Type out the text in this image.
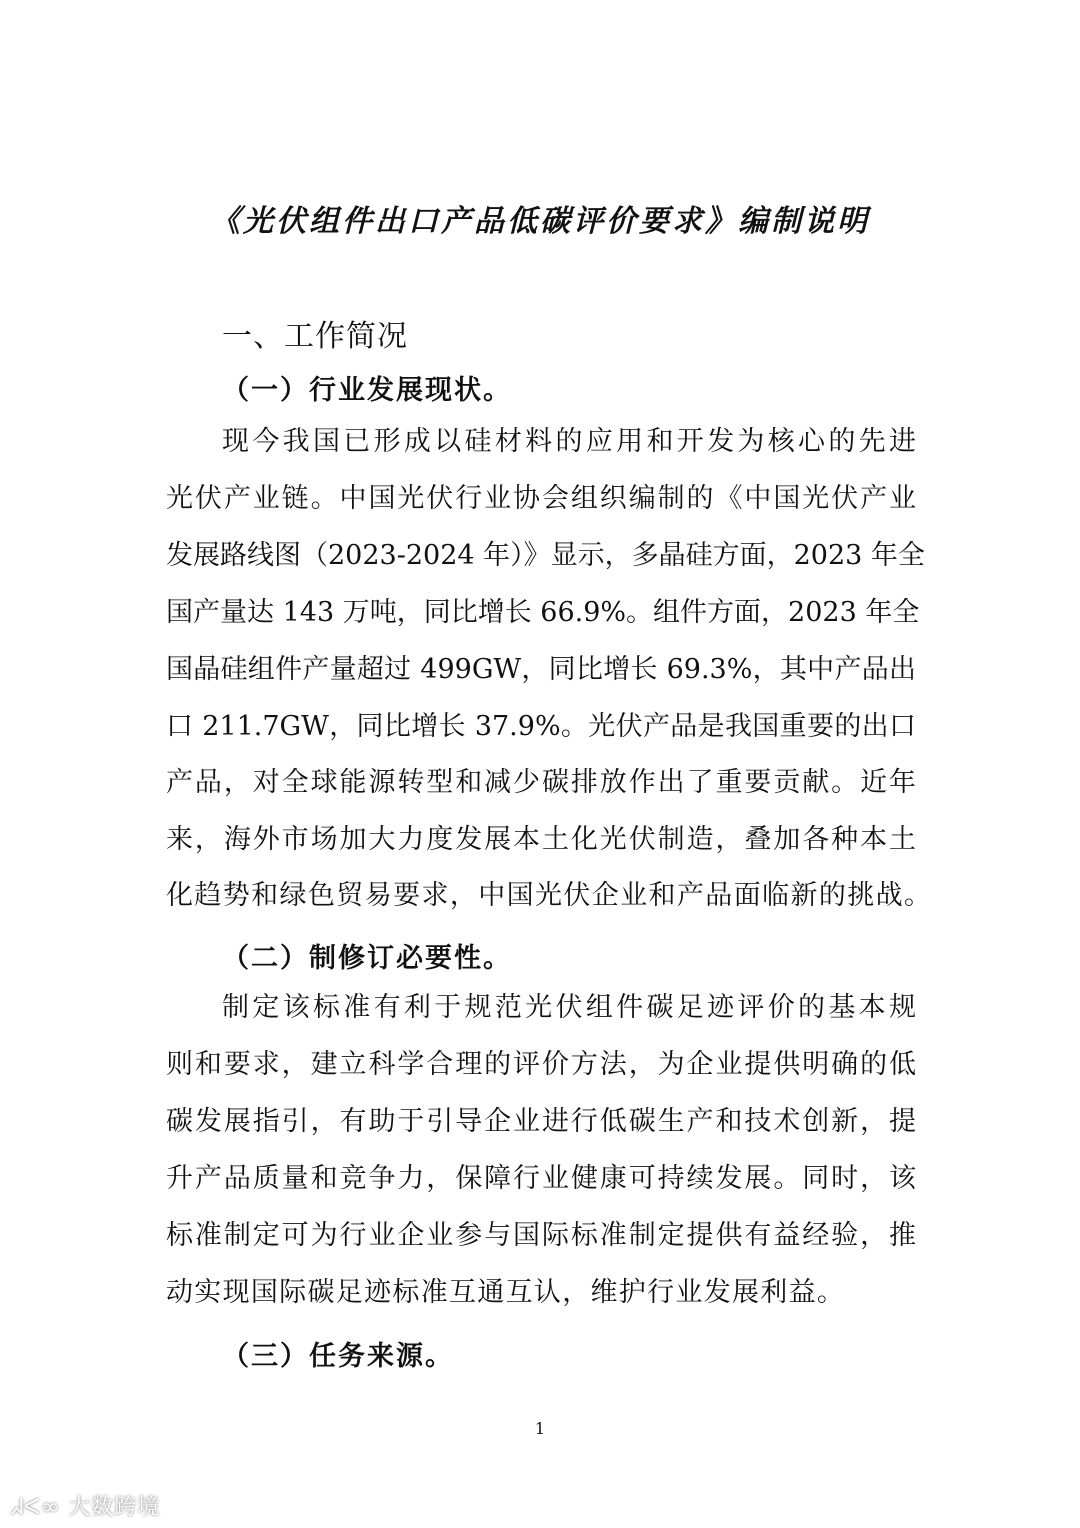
《光伏组件出口产品低碳评价要求》编制说明
一、工作简况
（一）行业发展现状。
现今我国已形成以硅材料的应用和开发为核心的先进
光伏产业链。中国光伏行业协会组织编制的《中国光伏产业
发展路线图（2023-2024 年）》显示，多晶硅方面，2023 年全
国产量达 143 万吨，同比增长 66.9%。组件方面，2023 年全
国晶硅组件产量超过 499GW，同比增长 69.3%，其中产品出
口 211.7GW，同比增长 37.9%。光伏产品是我国重要的出口
产品，对全球能源转型和减少碳排放作出了重要贡献。近年
来，海外市场加大力度发展本土化光伏制造，叠加各种本土
化趋势和绿色贸易要求，中国光伏企业和产品面临新的挑战。
（二）制修订必要性。
制定该标准有利于规范光伏组件碳足迹评价的基本规
则和要求，建立科学合理的评价方法，为企业提供明确的低
碳发展指引，有助于引导企业进行低碳生产和技术创新，提
升产品质量和竞争力，保障行业健康可持续发展。同时，该
标准制定可为行业企业参与国际标准制定提供有益经验，推
动实现国际碳足迹标准互通互认，维护行业发展利益。
（三）任务来源。
1
ᖽᐸ∞ 大数跨境
